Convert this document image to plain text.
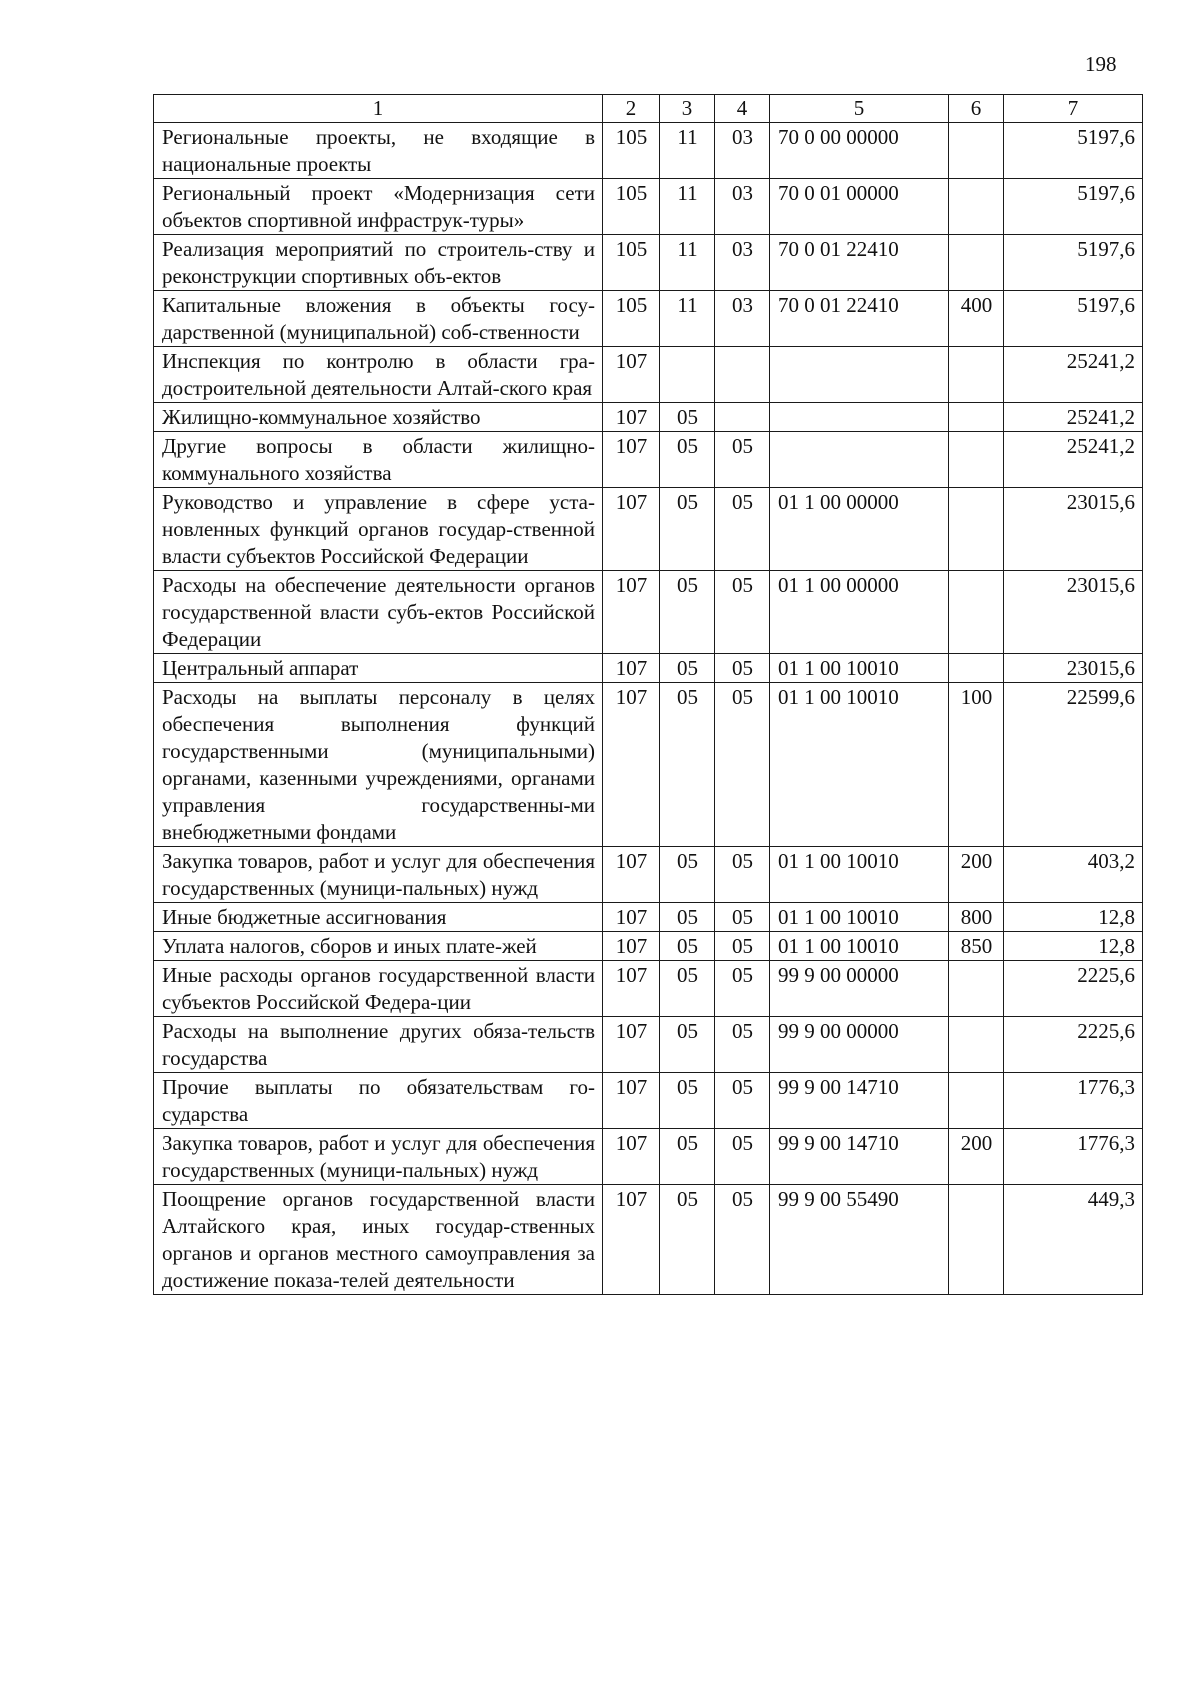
198
1	2	3	4	5	6	7
Региональные проекты, не входящие в национальные проекты	105	11	03	70 0 00 00000		5197,6
Региональный проект «Модернизация сети объектов спортивной инфраструк-туры»	105	11	03	70 0 01 00000		5197,6
Реализация мероприятий по строитель-ству и реконструкции спортивных объ-ектов	105	11	03	70 0 01 22410		5197,6
Капитальные вложения в объекты госу-дарственной (муниципальной) соб-ственности	105	11	03	70 0 01 22410	400	5197,6
Инспекция по контролю в области гра-достроительной деятельности Алтай-ского края	107					25241,2
Жилищно-коммунальное хозяйство	107	05				25241,2
Другие вопросы в области жилищно-коммунального хозяйства	107	05	05			25241,2
Руководство и управление в сфере уста-новленных функций органов государ-ственной власти субъектов Российской Федерации	107	05	05	01 1 00 00000		23015,6
Расходы на обеспечение деятельности органов государственной власти субъ-ектов Российской Федерации	107	05	05	01 1 00 00000		23015,6
Центральный аппарат	107	05	05	01 1 00 10010		23015,6
Расходы на выплаты персоналу в целях обеспечения выполнения функций государственными (муниципальными) органами, казенными учреждениями, органами управления государственны-ми внебюджетными фондами	107	05	05	01 1 00 10010	100	22599,6
Закупка товаров, работ и услуг для обеспечения государственных (муници-пальных) нужд	107	05	05	01 1 00 10010	200	403,2
Иные бюджетные ассигнования	107	05	05	01 1 00 10010	800	12,8
Уплата налогов, сборов и иных плате-жей	107	05	05	01 1 00 10010	850	12,8
Иные расходы органов государственной власти субъектов Российской Федера-ции	107	05	05	99 9 00 00000		2225,6
Расходы на выполнение других обяза-тельств государства	107	05	05	99 9 00 00000		2225,6
Прочие выплаты по обязательствам го-сударства	107	05	05	99 9 00 14710		1776,3
Закупка товаров, работ и услуг для обеспечения государственных (муници-пальных) нужд	107	05	05	99 9 00 14710	200	1776,3
Поощрение органов государственной власти Алтайского края, иных государ-ственных органов и органов местного самоуправления за достижение показа-телей деятельности	107	05	05	99 9 00 55490		449,3
